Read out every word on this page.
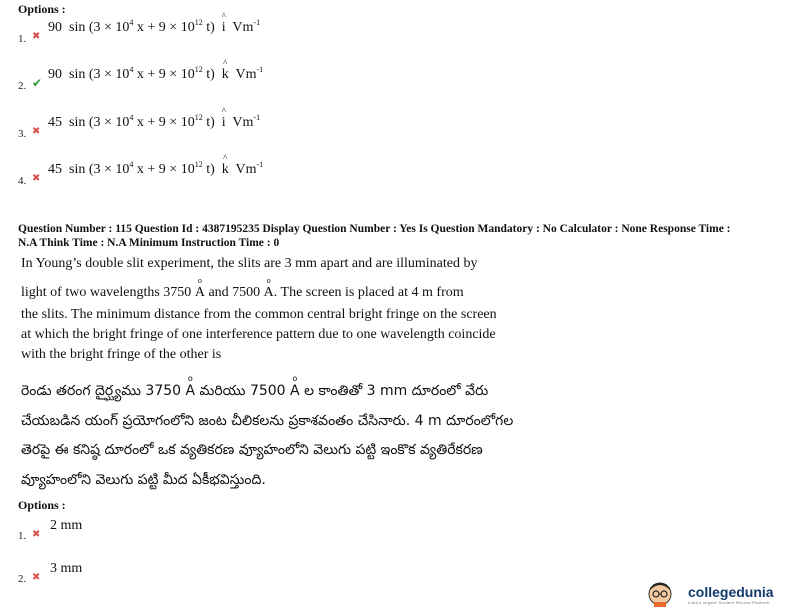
Options :
1. ✖
90 $\sin (3 \times 10^4$ $x + 9 \times 10^{12}$ t)
^
i $Vm^{-1}$
2. ✔
90 $\sin (3 \times 10^4$ $x + 9 \times 10^{12}$ t)
^
k $Vm^{-1}$
3. ✖
45 $\sin (3 \times 10^4$ $x + 9 \times 10^{12}$ t)
^
i $Vm^{-1}$
4. ✖
45 $\sin (3 \times 10^4$ $x + 9 \times 10^{12}$ t)
^
k $Vm^{-1}$
Question Number : 115 Question Id : 4387195235 Display Question Number : Yes Is Question Mandatory : No Calculator : None Response Time :
N.A Think Time : N.A Minimum Instruction Time : 0
In Young’s double slit experiment, the slits are 3 mm apart and are illuminated by
light of two wavelengths 3750
o
A and 7500
o
A. The screen is placed at 4 m from
the slits. The minimum distance from the common central bright fringe on the screen
at which the bright fringe of one interference pattern due to one wavelength coincide
with the bright fringe of the other is
రెండు తరంగ దైర్ఘ్యము 3750
o
A మరియు 7500
o
A ల కాంతితో 3 mm దూరంలో వేరు
చేయబడిన యంగ్ ప్రయోగంలోని జంట చీలికలను ప్రకాశవంతం చేసినారు. 4 m దూరంలోగల
తెరపై ఈ కనిష్ఠ దూరంలో ఒక వ్యతికరణ వ్యూహంలోని వెలుగు పట్టి ఇంకొక వ్యతిరేకరణ
వ్యూహంలోని వెలుగు పట్టి మీద ఏకీభవిస్తుంది.
Options :
1. ✖
2 mm
2. ✖
3 mm
collegedunia
India's largest Student Review Platform
